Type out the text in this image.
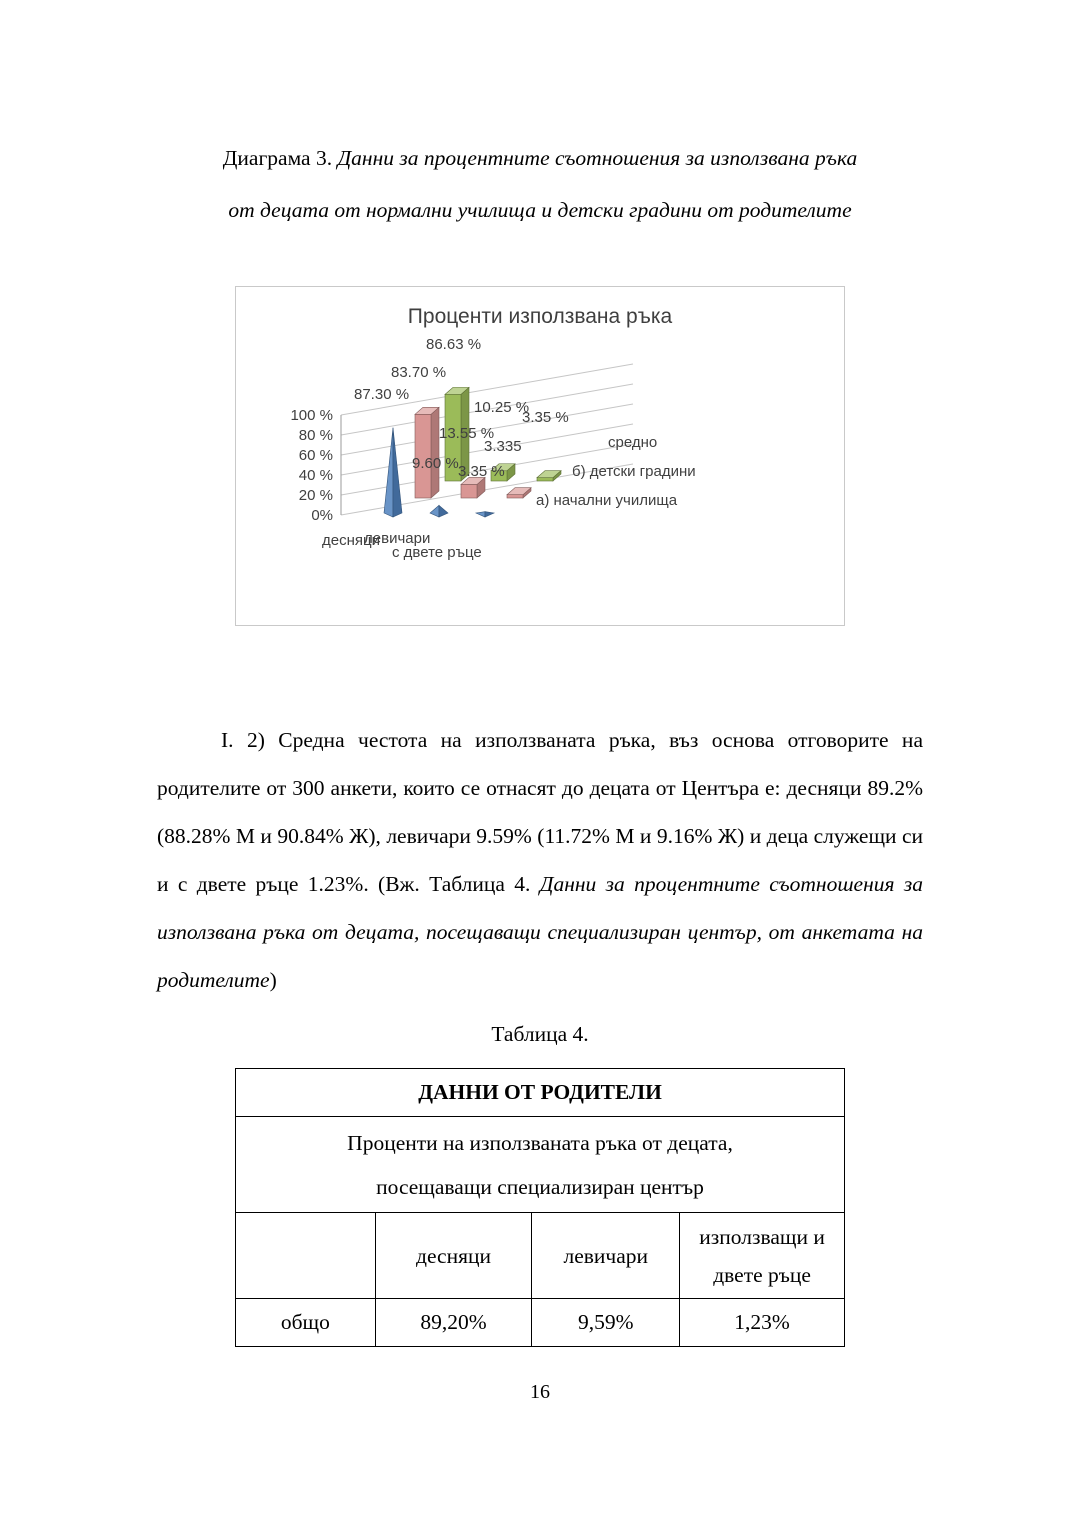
Диаграма 3. Данни за процентните съотношения за използвана ръка
от децата от нормални училища и детски градини от родителите
0%
20 %
40 %
60 %
80 %
100 %
87.30 %
9.60 % 3.35 %
83.70 %
13.55 %
3.335
86.63 %
10.25 %
3.35 %
а) начални училища
б) детски градини
средно
десняци
левичари
с двете ръце
Проценти използвана ръка
I. 2) Средна честота на използваната ръка, въз основа отговорите на родителите от 300 анкети, които се отнасят до децата от Центъра е: десняци 89.2% (88.28% М и 90.84% Ж), левичари 9.59% (11.72% М и 9.16% Ж) и деца служещи си и с двете ръце 1.23%. (Вж. Таблица 4. Данни за процентните съотношения за използвана ръка от децата, посещаващи специализиран център, от анкетата на родителите)
Таблица 4.
ДАННИ ОТ РОДИТЕЛИ			

Проценти на използваната ръка от децата,
посещаващи специализиран център			

	десняци	левичари	използващи и
двете ръце

общо	89,20%	9,59%	1,23%
16
